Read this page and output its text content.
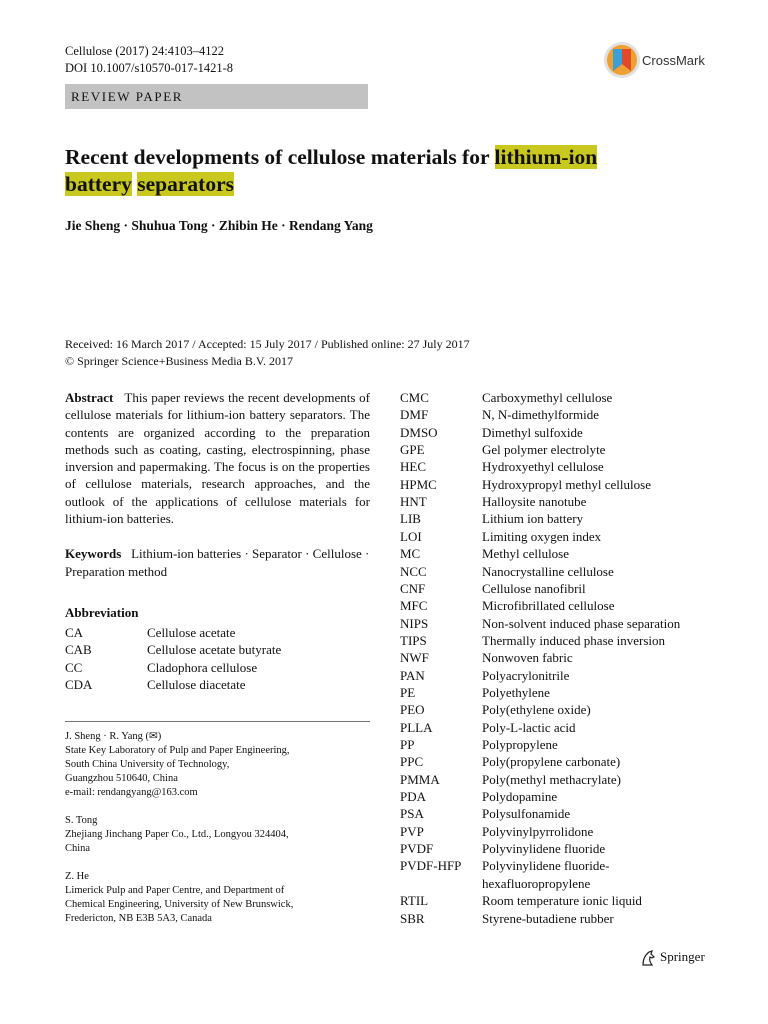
Cellulose (2017) 24:4103–4122
DOI 10.1007/s10570-017-1421-8	CrossMark
REVIEW PAPER
Recent developments of cellulose materials for lithium-ion
battery separators
Jie Sheng · Shuhua Tong · Zhibin He · Rendang Yang
Received: 16 March 2017 / Accepted: 15 July 2017 / Published online: 27 July 2017
© Springer Science+Business Media B.V. 2017
Abstract This paper reviews the recent developments of cellulose materials for lithium-ion battery separators. The contents are organized according to the preparation methods such as coating, casting, electrospinning, phase inversion and papermaking. The focus is on the properties of cellulose materials, research approaches, and the outlook of the applications of cellulose materials for lithium-ion batteries.
Keywords Lithium-ion batteries · Separator · Cellulose · Preparation method
Abbreviation
CA	Cellulose acetate
CAB	Cellulose acetate butyrate
CC	Cladophora cellulose
CDA	Cellulose diacetate
CMC	Carboxymethyl cellulose
DMF	N, N-dimethylformide
DMSO	Dimethyl sulfoxide
GPE	Gel polymer electrolyte
HEC	Hydroxyethyl cellulose
HPMC	Hydroxypropyl methyl cellulose
HNT	Halloysite nanotube
LIB	Lithium ion battery
LOI	Limiting oxygen index
MC	Methyl cellulose
NCC	Nanocrystalline cellulose
CNF	Cellulose nanofibril
MFC	Microfibrillated cellulose
NIPS	Non-solvent induced phase separation
TIPS	Thermally induced phase inversion
NWF	Nonwoven fabric
PAN	Polyacrylonitrile
PE	Polyethylene
PEO	Poly(ethylene oxide)
PLLA	Poly-L-lactic acid
PP	Polypropylene
PPC	Poly(propylene carbonate)
PMMA	Poly(methyl methacrylate)
PDA	Polydopamine
PSA	Polysulfonamide
PVP	Polyvinylpyrrolidone
PVDF	Polyvinylidene fluoride
PVDF-HFP Polyvinylidene fluoride-
hexafluoropropylene
RTIL	Room temperature ionic liquid
SBR	Styrene-butadiene rubber
J. Sheng · R. Yang (✉)
State Key Laboratory of Pulp and Paper Engineering,
South China University of Technology,
Guangzhou 510640, China
e-mail: rendangyang@163.com
S. Tong
Zhejiang Jinchang Paper Co., Ltd., Longyou 324404,
China
Z. He
Limerick Pulp and Paper Centre, and Department of
Chemical Engineering, University of New Brunswick,
Fredericton, NB E3B 5A3, Canada
Springer
